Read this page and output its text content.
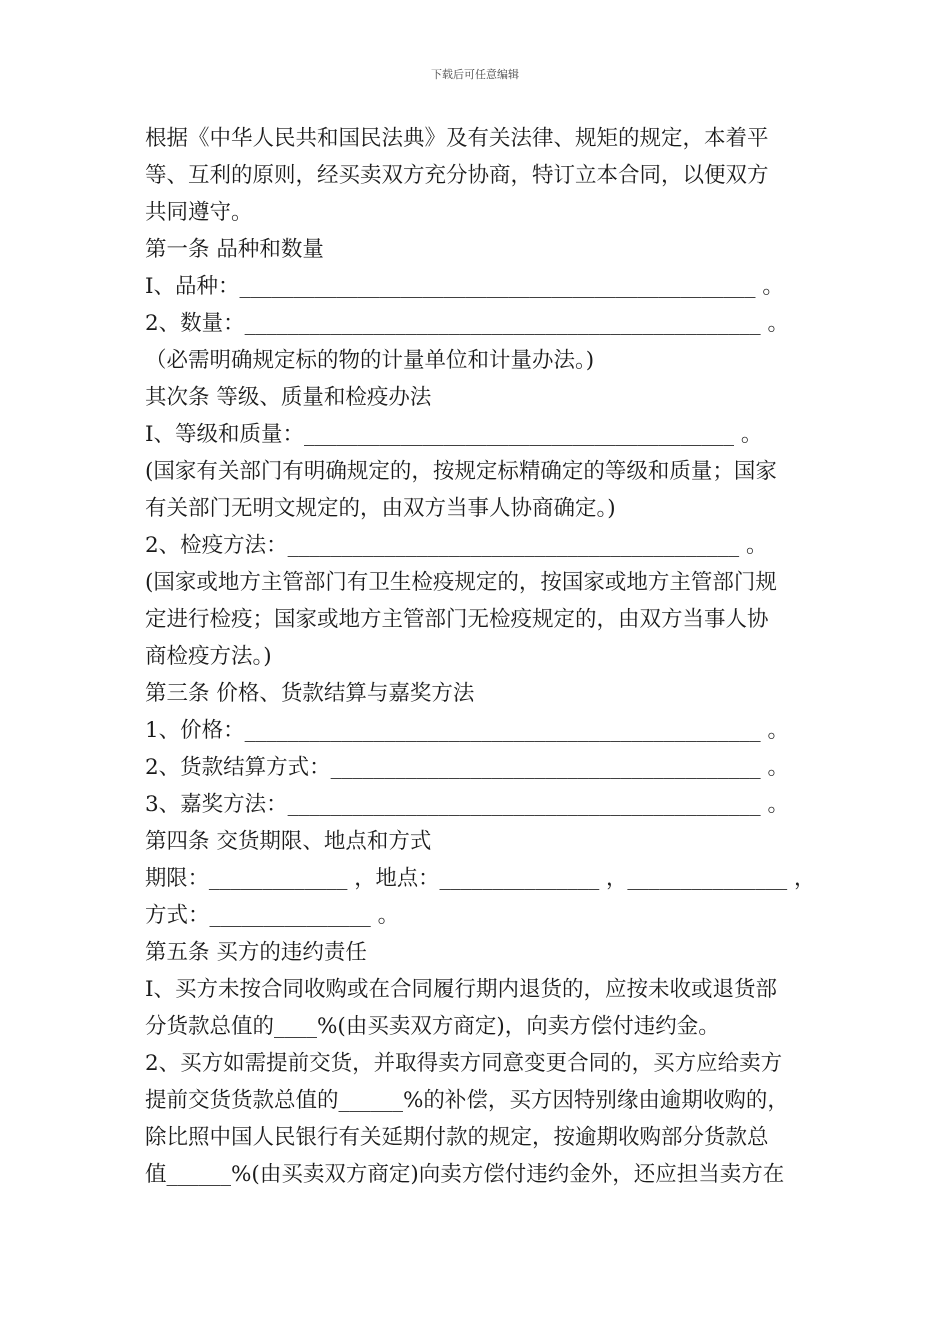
下载后可任意编辑
根据《中华人民共和国民法典》及有关法律、规矩的规定，本着平
等、互利的原则，经买卖双方充分协商，特订立本合同，以便双方
共同遵守。
第一条 品种和数量
I、品种：________________________________________________ 。
2、数量：________________________________________________ 。
（必需明确规定标的物的计量单位和计量办法。)
其次条 等级、质量和检疫办法
I、等级和质量：________________________________________ 。
(国家有关部门有明确规定的，按规定标精确定的等级和质量；国家
有关部门无明文规定的，由双方当事人协商确定。)
2、检疫方法：__________________________________________ 。
(国家或地方主管部门有卫生检疫规定的，按国家或地方主管部门规
定进行检疫；国家或地方主管部门无检疫规定的，由双方当事人协
商检疫方法。)
第三条 价格、货款结算与嘉奖方法
1、价格：________________________________________________ 。
2、货款结算方式：________________________________________ 。
3、嘉奖方法：____________________________________________ 。
第四条 交货期限、地点和方式
期限：_____________ ，地点：_______________ ，_______________ ，
方式：_______________ 。
第五条 买方的违约责任
I、买方未按合同收购或在合同履行期内退货的，应按未收或退货部
分货款总值的____%(由买卖双方商定)，向卖方偿付违约金。
2、买方如需提前交货，并取得卖方同意变更合同的，买方应给卖方
提前交货货款总值的______%的补偿，买方因特别缘由逾期收购的，
除比照中国人民银行有关延期付款的规定，按逾期收购部分货款总
值______%(由买卖双方商定)向卖方偿付违约金外，还应担当卖方在
